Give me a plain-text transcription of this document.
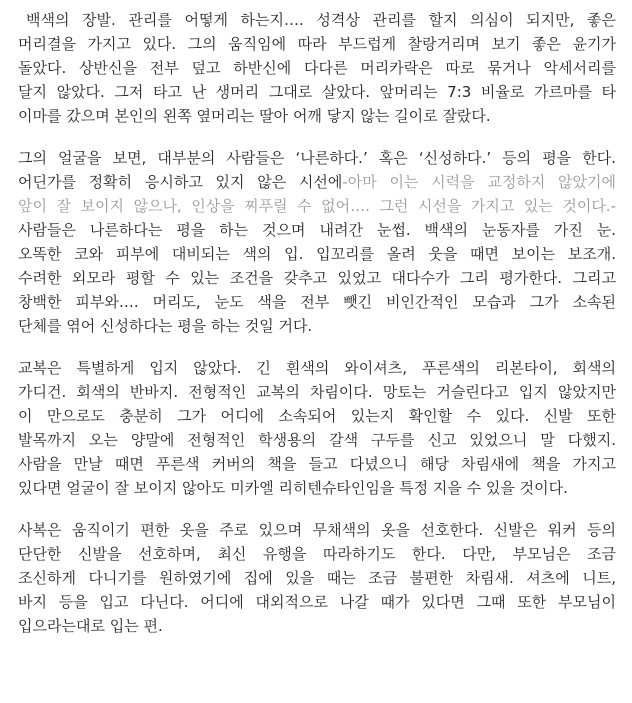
백색의 장발. 관리를 어떻게 하는지…. 성격상 관리를 할지 의심이 되지만, 좋은
머리결을 가지고 있다. 그의 움직임에 따라 부드럽게 찰랑거리며 보기 좋은 윤기가
돌았다. 상반신을 전부 덮고 하반신에 다다른 머리카락은 따로 묶거나 악세서리를
달지 않았다. 그저 타고 난 생머리 그대로 살았다. 앞머리는 7:3 비율로 가르마를 타
이마를 갔으며 본인의 왼쪽 옆머리는 딸아 어깨 닿지 않는 길이로 잘랐다.
그의 얼굴을 보면, 대부분의 사람들은 ‘나른하다.’ 혹은 ‘신성하다.’ 등의 평을 한다.
어딘가를 정확히 응시하고 있지 않은 시선에-아마 이는 시력을 교정하지 않았기에
앞이 잘 보이지 않으나, 인상을 찌푸릴 수 없어…. 그런 시선을 가지고 있는 것이다.-
사람들은 나른하다는 평을 하는 것으며 내려간 눈썹. 백색의 눈동자를 가진 눈.
오똑한 코와 피부에 대비되는 색의 입. 입꼬리를 올려 웃을 때면 보이는 보조개.
수려한 외모라 평할 수 있는 조건을 갖추고 있었고 대다수가 그리 평가한다. 그리고
창백한 피부와…. 머리도, 눈도 색을 전부 뺏긴 비인간적인 모습과 그가 소속된
단체를 엮어 신성하다는 평을 하는 것일 거다.
교복은 특별하게 입지 않았다. 긴 흰색의 와이셔츠, 푸른색의 리본타이, 회색의
가디건. 회색의 반바지. 전형적인 교복의 차림이다. 망토는 거슬린다고 입지 않았지만
이 만으로도 충분히 그가 어디에 소속되어 있는지 확인할 수 있다. 신발 또한
발목까지 오는 양말에 전형적인 학생용의 갈색 구두를 신고 있었으니 말 다했지.
사람을 만날 때면 푸른색 커버의 책을 들고 다녔으니 해당 차림새에 책을 가지고
있다면 얼굴이 잘 보이지 않아도 미카엘 리히텐슈타인임을 특정 지을 수 있을 것이다.
사복은 움직이기 편한 옷을 주로 있으며 무채색의 옷을 선호한다. 신발은 워커 등의
단단한 신발을 선호하며, 최신 유행을 따라하기도 한다. 다만, 부모님은 조금
조신하게 다니기를 원하였기에 집에 있을 때는 조금 불편한 차림새. 셔츠에 니트,
바지 등을 입고 다닌다. 어디에 대외적으로 나갈 때가 있다면 그때 또한 부모님이
입으라는대로 입는 편.
